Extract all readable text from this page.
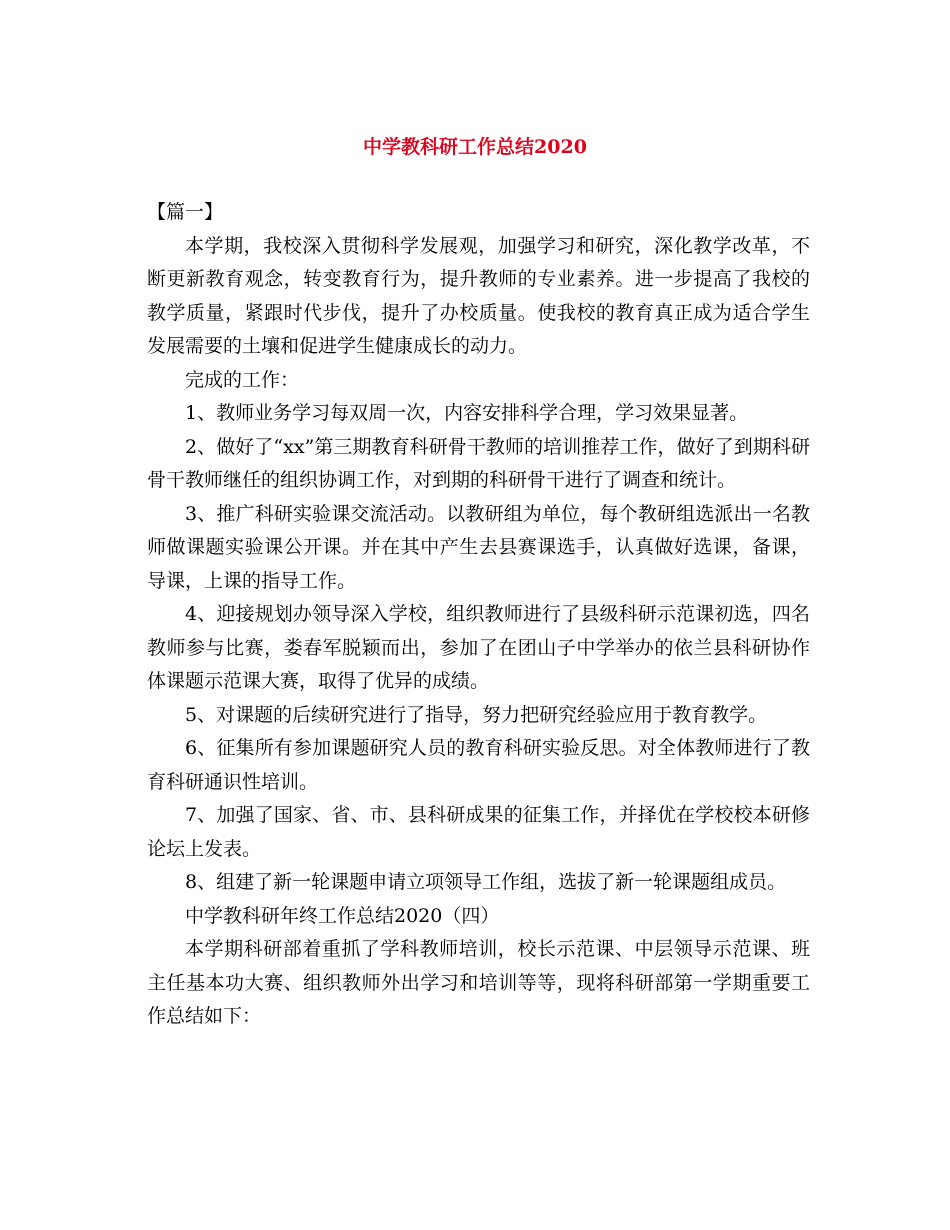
中学教科研工作总结2020

【篇一】

本学期，我校深入贯彻科学发展观，加强学习和研究，深化教学改革，不断更新教育观念，转变教育行为，提升教师的专业素养。进一步提高了我校的教学质量，紧跟时代步伐，提升了办校质量。使我校的教育真正成为适合学生发展需要的土壤和促进学生健康成长的动力。

完成的工作：

1、教师业务学习每双周一次，内容安排科学合理，学习效果显著。

2、做好了“xx”第三期教育科研骨干教师的培训推荐工作，做好了到期科研骨干教师继任的组织协调工作，对到期的科研骨干进行了调查和统计。

3、推广科研实验课交流活动。以教研组为单位，每个教研组选派出一名教师做课题实验课公开课。并在其中产生去县赛课选手，认真做好选课，备课，导课，上课的指导工作。

4、迎接规划办领导深入学校，组织教师进行了县级科研示范课初选，四名教师参与比赛，娄春军脱颖而出，参加了在团山子中学举办的依兰县科研协作体课题示范课大赛，取得了优异的成绩。

5、对课题的后续研究进行了指导，努力把研究经验应用于教育教学。

6、征集所有参加课题研究人员的教育科研实验反思。对全体教师进行了教育科研通识性培训。

7、加强了国家、省、市、县科研成果的征集工作，并择优在学校校本研修论坛上发表。

8、组建了新一轮课题申请立项领导工作组，选拔了新一轮课题组成员。

中学教科研年终工作总结2020（四）

本学期科研部着重抓了学科教师培训，校长示范课、中层领导示范课、班主任基本功大赛、组织教师外出学习和培训等等，现将科研部第一学期重要工作总结如下：
